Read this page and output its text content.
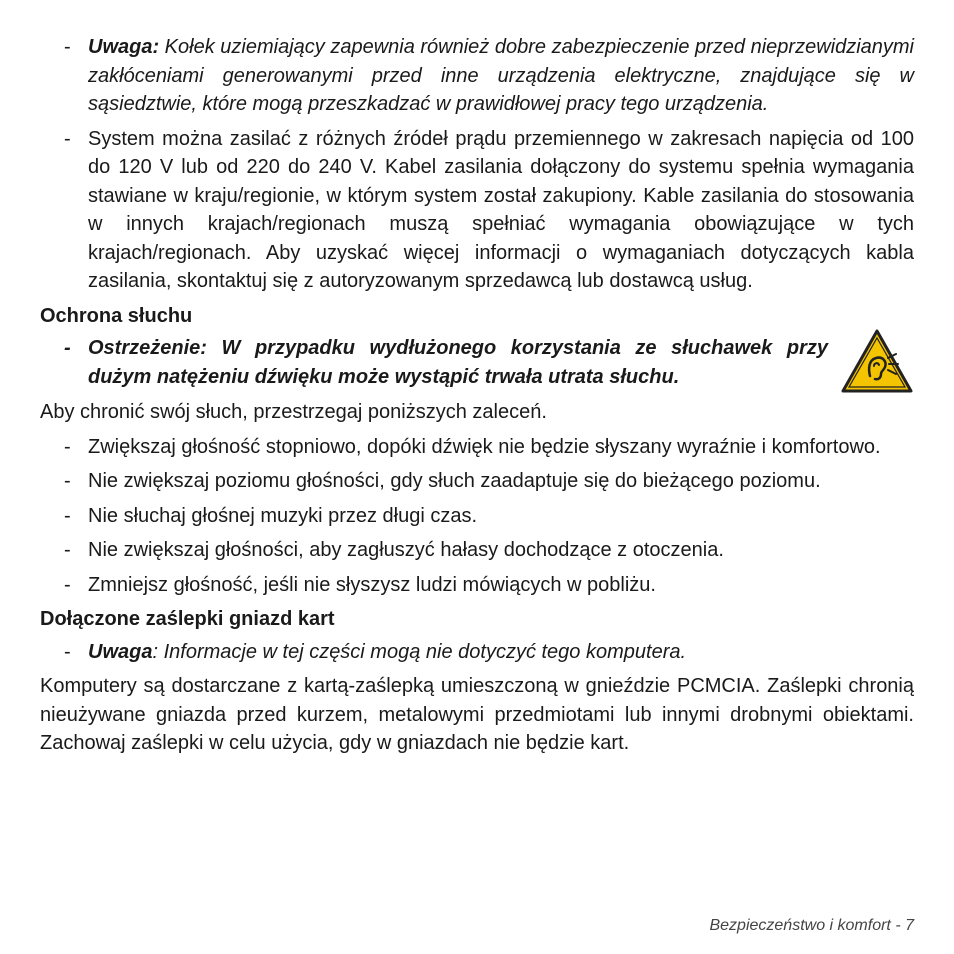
- Uwaga: Kołek uziemiający zapewnia również dobre zabezpieczenie przed nieprzewidzianymi zakłóceniami generowanymi przed inne urządzenia elektryczne, znajdujące się w sąsiedztwie, które mogą przeszkadzać w prawidłowej pracy tego urządzenia.
- System można zasilać z różnych źródeł prądu przemiennego w zakresach napięcia od 100 do 120 V lub od 220 do 240 V. Kabel zasilania dołączony do systemu spełnia wymagania stawiane w kraju/regionie, w którym system został zakupiony. Kable zasilania do stosowania w innych krajach/regionach muszą spełniać wymagania obowiązujące w tych krajach/regionach. Aby uzyskać więcej informacji o wymaganiach dotyczących kabla zasilania, skontaktuj się z autoryzowanym sprzedawcą lub dostawcą usług.
Ochrona słuchu
- Ostrzeżenie: W przypadku wydłużonego korzystania ze słuchawek przy dużym natężeniu dźwięku może wystąpić trwała utrata słuchu.
Aby chronić swój słuch, przestrzegaj poniższych zaleceń.
- Zwiększaj głośność stopniowo, dopóki dźwięk nie będzie słyszany wyraźnie i komfortowo.
- Nie zwiększaj poziomu głośności, gdy słuch zaadaptuje się do bieżącego poziomu.
- Nie słuchaj głośnej muzyki przez długi czas.
- Nie zwiększaj głośności, aby zagłuszyć hałasy dochodzące z otoczenia.
- Zmniejsz głośność, jeśli nie słyszysz ludzi mówiących w pobliżu.
Dołączone zaślepki gniazd kart
- Uwaga: Informacje w tej części mogą nie dotyczyć tego komputera.
Komputery są dostarczane z kartą-zaślepką umieszczoną w gnieździe PCMCIA. Zaślepki chronią nieużywane gniazda przed kurzem, metalowymi przedmiotami lub innymi drobnymi obiektami. Zachowaj zaślepki w celu użycia, gdy w gniazdach nie będzie kart.
Bezpieczeństwo i komfort - 7
